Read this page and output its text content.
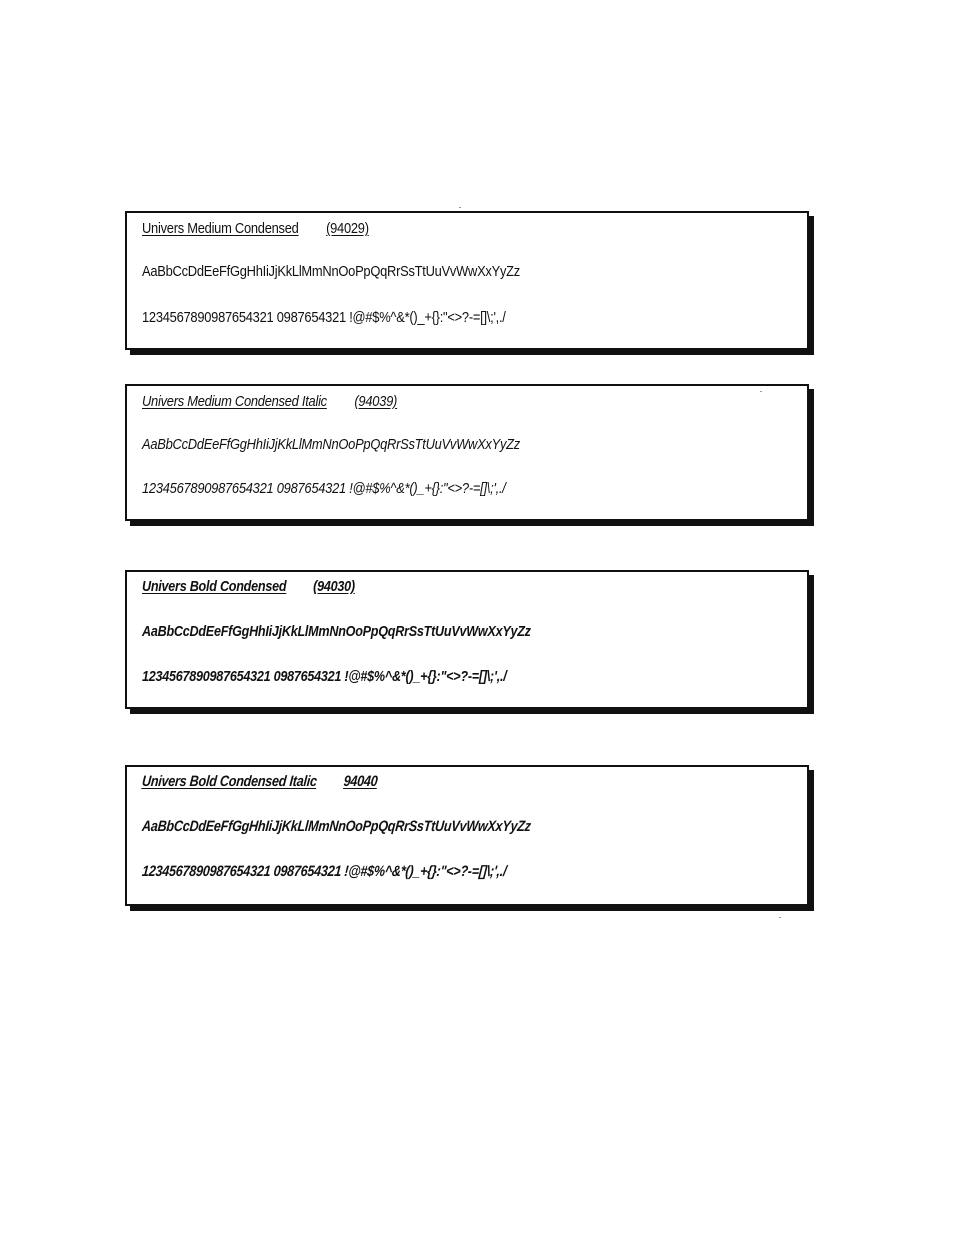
Univers Medium Condensed (94029)
AaBbCcDdEeFfGgHhIiJjKkLlMmNnOoPpQqRrSsTtUuVvWwXxYyZz
1234567890987654321 0987654321 !@#$%^&*()_+{}:"<>?-=[]\;',./
Univers Medium Condensed Italic (94039)
AaBbCcDdEeFfGgHhIiJjKkLlMmNnOoPpQqRrSsTtUuVvWwXxYyZz
1234567890987654321 0987654321 !@#$%^&*()_+{}:"<>?-=[]\;',./
Univers Bold Condensed (94030)
AaBbCcDdEeFfGgHhIiJjKkLlMmNnOoPpQqRrSsTtUuVvWwXxYyZz
1234567890987654321 0987654321 !@#$%^&*()_+{}:"<>?-=[]\;',./
Univers Bold Condensed Italic 94040
AaBbCcDdEeFfGgHhIiJjKkLlMmNnOoPpQqRrSsTtUuVvWwXxYyZz
1234567890987654321 0987654321 !@#$%^&*()_+{}:"<>?-=[]\;',./
